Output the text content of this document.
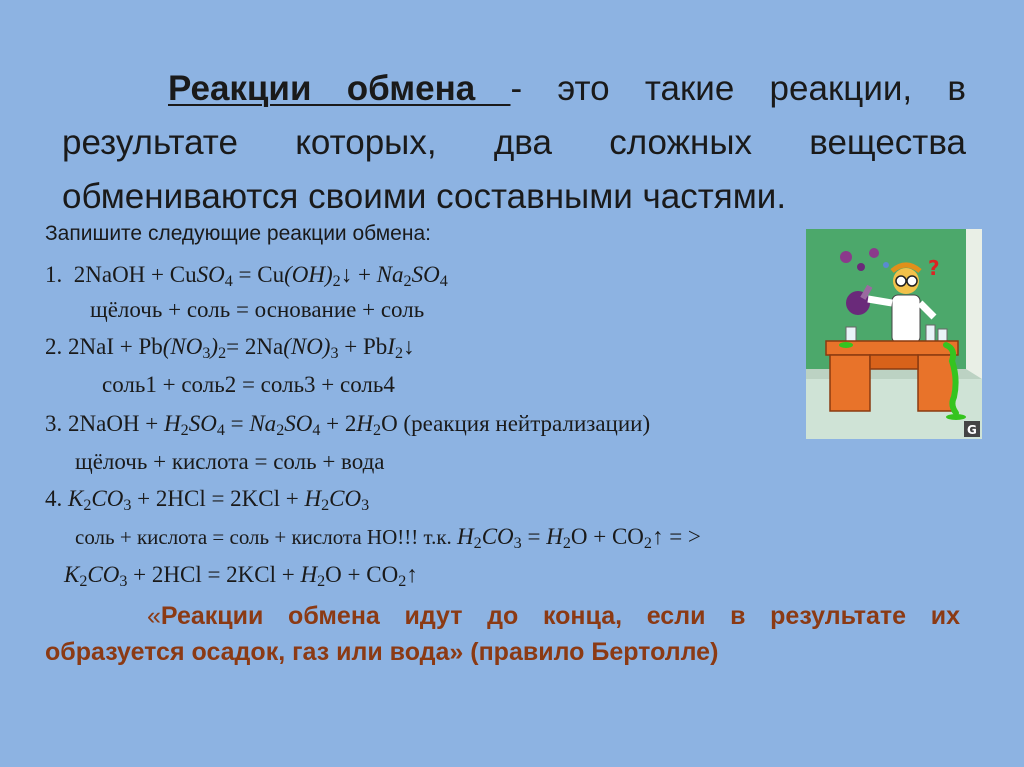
Реакции обмена - это такие реакции, в результате которых, два сложных вещества обмениваются своими составными частями.
Запишите следующие реакции обмена:
1. 2NaOH + CuSO$_4$ = $Cu(OH)_2↓ + Na_2SO_4$
щёлочь + соль = основание + соль
2. $2NaI + Pb(NO_3)_2= 2Na(NO)_3$ + PbI$_2$↓
соль1 + соль2 = соль3 + соль4
3. 2NaOH + $H_2SO_4 = Na_2SO_4 + 2H_2O$ (реакция нейтрализации)
щёлочь + кислота = соль + вода
4. $K_2CO_3 + 2HCl = 2KCl + H_2CO_3$
соль + кислота = соль + кислота НО!!! т.к. $H_2CO_3 = H_2O$ + $CO_2↑$ = >
$K_2CO_3 + 2HCl = 2KCl + H_2O$ + $CO_2↑$
«Реакции обмена идут до конца, если в результате их образуется осадок, газ или вода» (правило Бертолле)
?
G
